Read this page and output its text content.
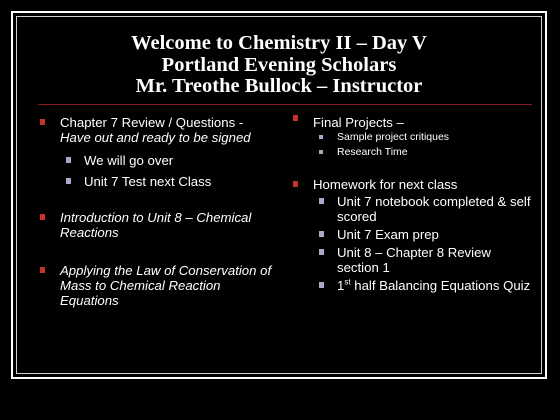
Welcome to Chemistry II – Day V
Portland Evening Scholars
Mr. Treothe Bullock – Instructor
Chapter 7 Review / Questions -
Have out and ready to be signed
We will go over
Unit 7 Test next Class
Introduction to Unit 8 – Chemical Reactions
Applying the Law of Conservation of Mass to Chemical Reaction Equations
Final Projects –
Sample project critiques
Research Time
Homework for next class
Unit 7 notebook completed & self scored
Unit 7 Exam prep
Unit 8 – Chapter 8 Review section 1
1st half Balancing Equations Quiz
